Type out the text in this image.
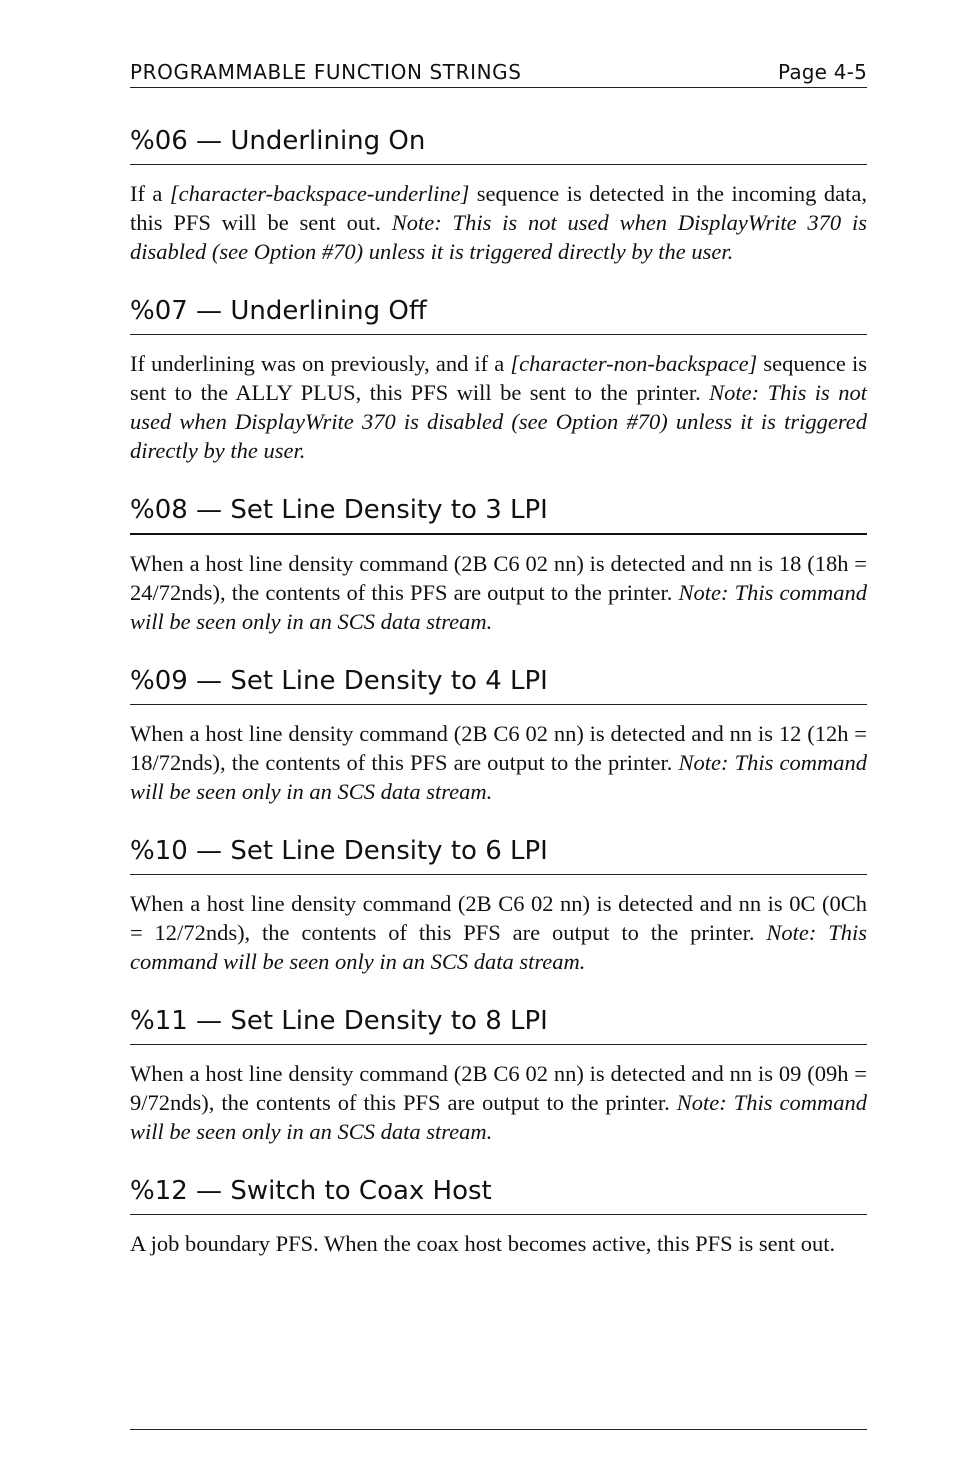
PROGRAMMABLE FUNCTION STRINGS	Page 4-5
%06 — Underlining On

If a [character-backspace-underline] sequence is detected in the incoming data, this PFS will be sent out. Note: This is not used when DisplayWrite 370 is disabled (see Option #70) unless it is triggered directly by the user.

%07 — Underlining Off

If underlining was on previously, and if a [character-non-backspace] sequence is sent to the ALLY PLUS, this PFS will be sent to the printer. Note: This is not used when DisplayWrite 370 is disabled (see Option #70) unless it is triggered directly by the user.

%08 — Set Line Density to 3 LPI

When a host line density command (2B C6 02 nn) is detected and nn is 18 (18h = 24/72nds), the contents of this PFS are output to the printer. Note: This command will be seen only in an SCS data stream.

%09 — Set Line Density to 4 LPI

When a host line density command (2B C6 02 nn) is detected and nn is 12 (12h = 18/72nds), the contents of this PFS are output to the printer. Note: This command will be seen only in an SCS data stream.

%10 — Set Line Density to 6 LPI

When a host line density command (2B C6 02 nn) is detected and nn is 0C (0Ch = 12/72nds), the contents of this PFS are output to the printer. Note: This command will be seen only in an SCS data stream.

%11 — Set Line Density to 8 LPI

When a host line density command (2B C6 02 nn) is detected and nn is 09 (09h = 9/72nds), the contents of this PFS are output to the printer. Note: This command will be seen only in an SCS data stream.

%12 — Switch to Coax Host

A job boundary PFS. When the coax host becomes active, this PFS is sent out.
